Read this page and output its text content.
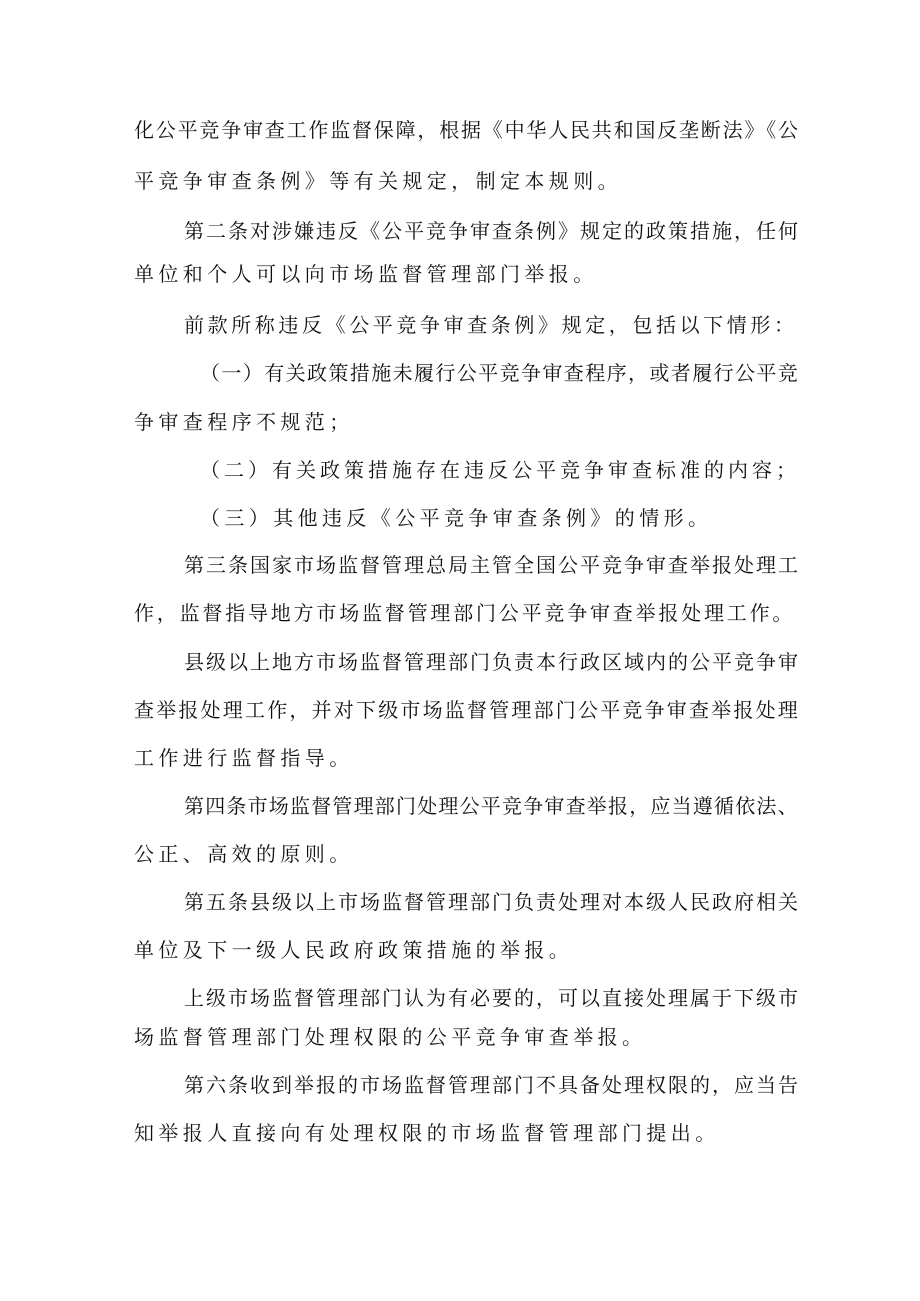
化公平竞争审查工作监督保障，根据《中华人民共和国反垄断法》《公
平竞争审查条例》等有关规定，制定本规则。
第二条对涉嫌违反《公平竞争审查条例》规定的政策措施，任何
单位和个人可以向市场监督管理部门举报。
前款所称违反《公平竞争审查条例》规定，包括以下情形：
（一）有关政策措施未履行公平竞争审查程序，或者履行公平竞
争审查程序不规范；
（二）有关政策措施存在违反公平竞争审查标准的内容；
（三）其他违反《公平竞争审查条例》的情形。
第三条国家市场监督管理总局主管全国公平竞争审查举报处理工
作，监督指导地方市场监督管理部门公平竞争审查举报处理工作。
县级以上地方市场监督管理部门负责本行政区域内的公平竞争审
查举报处理工作，并对下级市场监督管理部门公平竞争审查举报处理
工作进行监督指导。
第四条市场监督管理部门处理公平竞争审查举报，应当遵循依法、
公正、高效的原则。
第五条县级以上市场监督管理部门负责处理对本级人民政府相关
单位及下一级人民政府政策措施的举报。
上级市场监督管理部门认为有必要的，可以直接处理属于下级市
场监督管理部门处理权限的公平竞争审查举报。
第六条收到举报的市场监督管理部门不具备处理权限的，应当告
知举报人直接向有处理权限的市场监督管理部门提出。
